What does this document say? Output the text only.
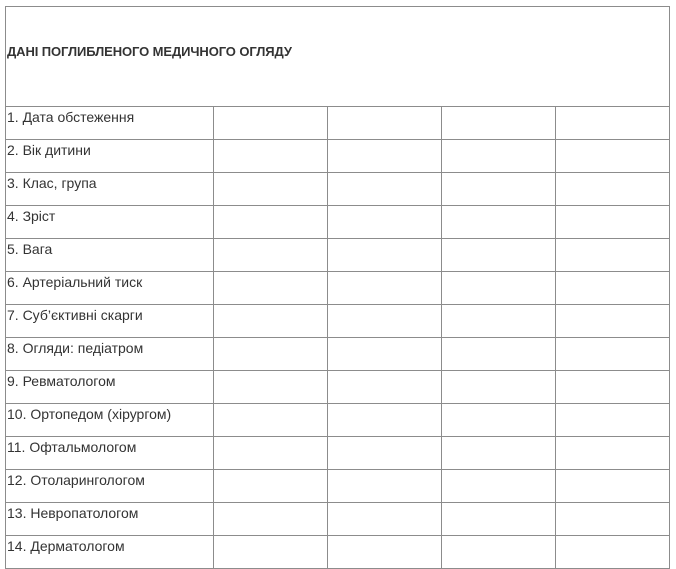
ДАНІ ПОГЛИБЛЕНОГО МЕДИЧНОГО ОГЛЯДУ				
1. Дата обстеження				
2. Вік дитини				
3. Клас, група				
4. Зріст				
5. Вага				
6. Артеріальний тиск				
7. Суб’єктивні скарги				
8. Огляди: педіатром				
9. Ревматологом				
10. Ортопедом (хірургом)				
11. Офтальмологом				
12. Отоларингологом				
13. Невропатологом				
14. Дерматологом				
